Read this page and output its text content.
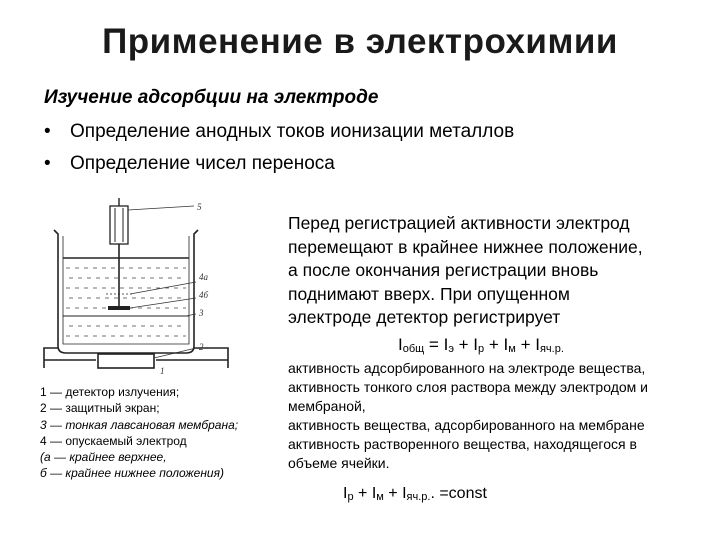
Применение в электрохимии
Изучение адсорбции на электроде
• Определение анодных токов ионизации металлов
• Определение чисел переноса
5
4a
4б
3
2
1
1 — детектор излучения;
2 — защитный экран;
3 — тонкая лавсановая мембрана;
4 — опускаемый электрод
(a — крайнее верхнее,
б — крайнее нижнее положения)
Перед регистрацией активности электрод
перемещают в крайнее нижнее положение,
а после окончания регистрации вновь
поднимают вверх. При опущенном
электроде детектор регистрирует
$I_{общ} = I_э + I_р + I_м + I_{яч.р.}$
активность адсорбированного на электроде вещества,
активность тонкого слоя раствора между электродом и
мембраной,
активность вещества, адсорбированного на мембране
активность растворенного вещества, находящегося в
объеме ячейки.
$I_р + I_м + I_{яч.р.}$. =const
